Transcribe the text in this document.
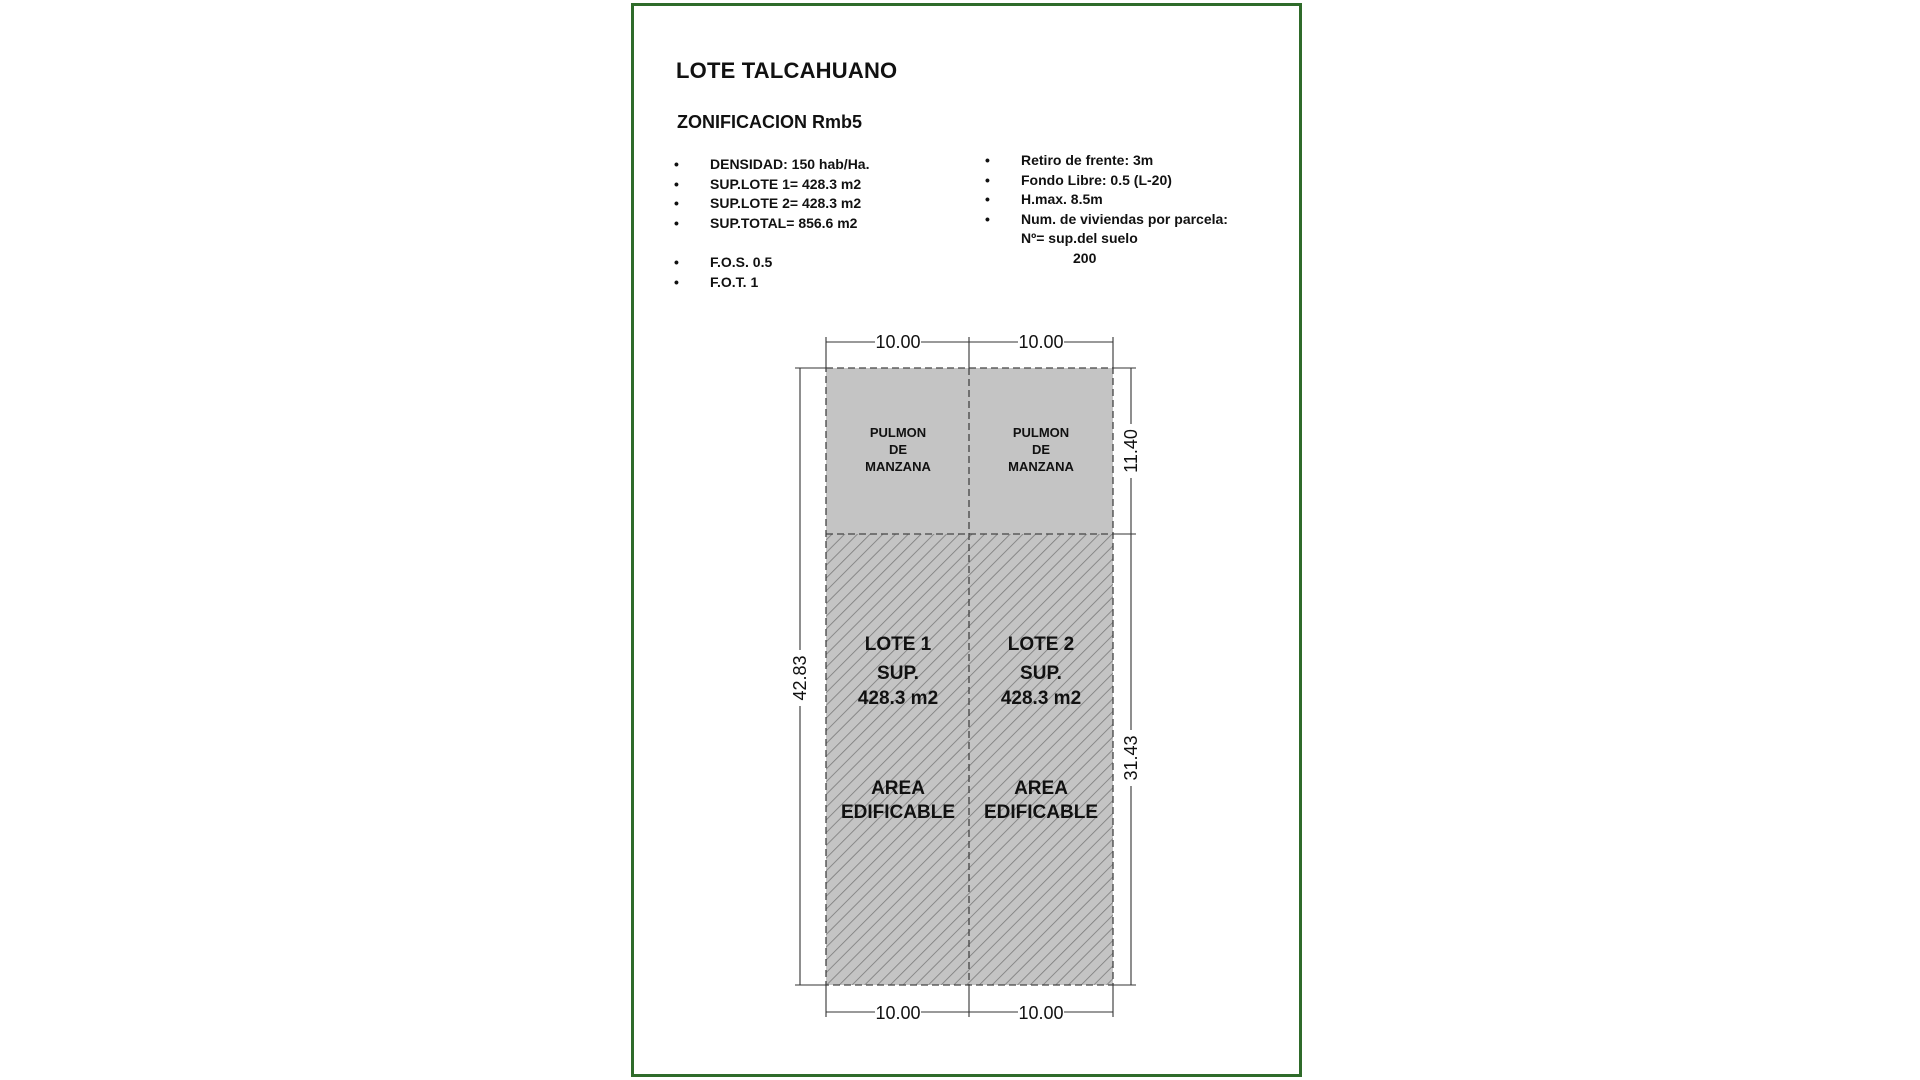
LOTE TALCAHUANO
ZONIFICACION Rmb5
• DENSIDAD: 150 hab/Ha.
• SUP.LOTE 1= 428.3 m2
• SUP.LOTE 2= 428.3 m2
• SUP.TOTAL= 856.6 m2
• F.O.S. 0.5
• F.O.T. 1
• Retiro de frente: 3m
• Fondo Libre: 0.5 (L-20)
• H.max. 8.5m
• Num. de viviendas por parcela:
Nº= sup.del suelo
200
10.00	10.00
10.00	10.00
42.83
11.40
31.43
PULMON
DE
MANZANA
LOTE 1
SUP.
428.3 m2
AREA
EDIFICABLE
PULMON
DE
MANZANA
LOTE 2
SUP.
428.3 m2
AREA
EDIFICABLE
